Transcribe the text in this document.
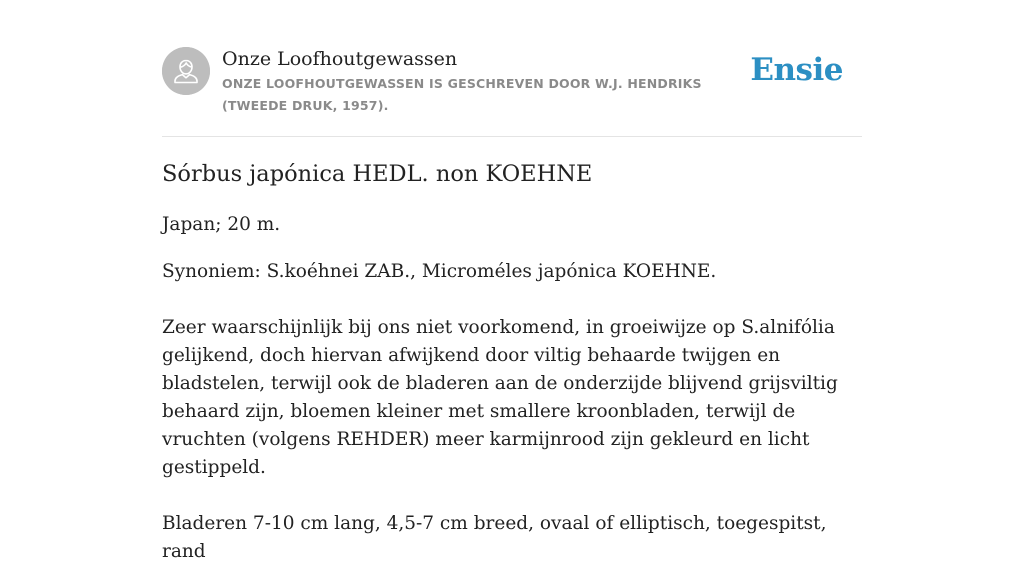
Onze Loofhoutgewassen
ONZE LOOFHOUTGEWASSEN IS GESCHREVEN DOOR W.J. HENDRIKS (TWEEDE DRUK, 1957).
Ensie
Sórbus japónica HEDL. non KOEHNE

Japan; 20 m.

Synoniem: S.koéhnei ZAB., Microméles japónica KOEHNE.

Zeer waarschijnlijk bij ons niet voorkomend, in groeiwijze op S.alnifólia gelijkend, doch hiervan afwijkend door viltig behaarde twijgen en bladstelen, terwijl ook de bladeren aan de onderzijde blijvend grijsviltig behaard zijn, bloemen kleiner met smallere kroonbladen, terwijl de vruchten (volgens REHDER) meer karmijnrood zijn gekleurd en licht gestippeld.

Bladeren 7-10 cm lang, 4,5-7 cm breed, ovaal of elliptisch, toegespitst, rand
